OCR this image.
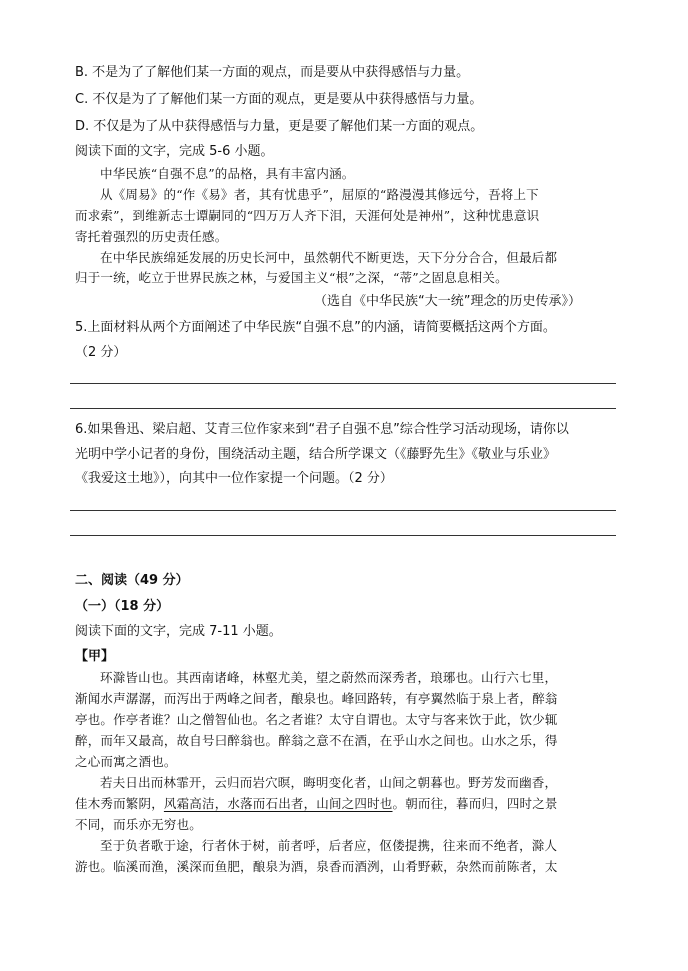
B. 不是为了了解他们某一方面的观点，而是要从中获得感悟与力量。
C. 不仅是为了了解他们某一方面的观点，更是要从中获得感悟与力量。
D. 不仅是为了从中获得感悟与力量，更是要了解他们某一方面的观点。
阅读下面的文字，完成 5-6 小题。
中华民族“自强不息”的品格，具有丰富内涵。
从《周易》的“作《易》者，其有忧患乎”，屈原的“路漫漫其修远兮，吾将上下
而求索”，到维新志士谭嗣同的“四万万人齐下泪，天涯何处是神州”，这种忧患意识
寄托着强烈的历史责任感。
在中华民族绵延发展的历史长河中，虽然朝代不断更迭，天下分分合合，但最后都
归于一统，屹立于世界民族之林，与爱国主义“根”之深，“蒂”之固息息相关。
（选自《中华民族“大一统”理念的历史传承》）
5.上面材料从两个方面阐述了中华民族“自强不息”的内涵，请简要概括这两个方面。
（2 分）
6.如果鲁迅、梁启超、艾青三位作家来到“君子自强不息”综合性学习活动现场，请你以
光明中学小记者的身份，围绕活动主题，结合所学课文（《藤野先生》《敬业与乐业》
《我爱这土地》），向其中一位作家提一个问题。（2 分）
二、阅读（49 分）
（一）（18 分）
阅读下面的文字，完成 7-11 小题。
【甲】
环滁皆山也。其西南诸峰，林壑尤美，望之蔚然而深秀者，琅琊也。山行六七里，
渐闻水声潺潺，而泻出于两峰之间者，酿泉也。峰回路转，有亭翼然临于泉上者，醉翁
亭也。作亭者谁？山之僧智仙也。名之者谁？太守自谓也。太守与客来饮于此，饮少辄
醉，而年又最高，故自号曰醉翁也。醉翁之意不在酒，在乎山水之间也。山水之乐，得
之心而寓之酒也。
若夫日出而林霏开，云归而岩穴暝，晦明变化者，山间之朝暮也。野芳发而幽香，
佳木秀而繁阴，风霜高洁，水落而石出者，山间之四时也。朝而往，暮而归，四时之景
不同，而乐亦无穷也。
至于负者歌于途，行者休于树，前者呼，后者应，伛偻提携，往来而不绝者，滁人
游也。临溪而渔，溪深而鱼肥，酿泉为酒，泉香而酒洌，山肴野蔌，杂然而前陈者，太
